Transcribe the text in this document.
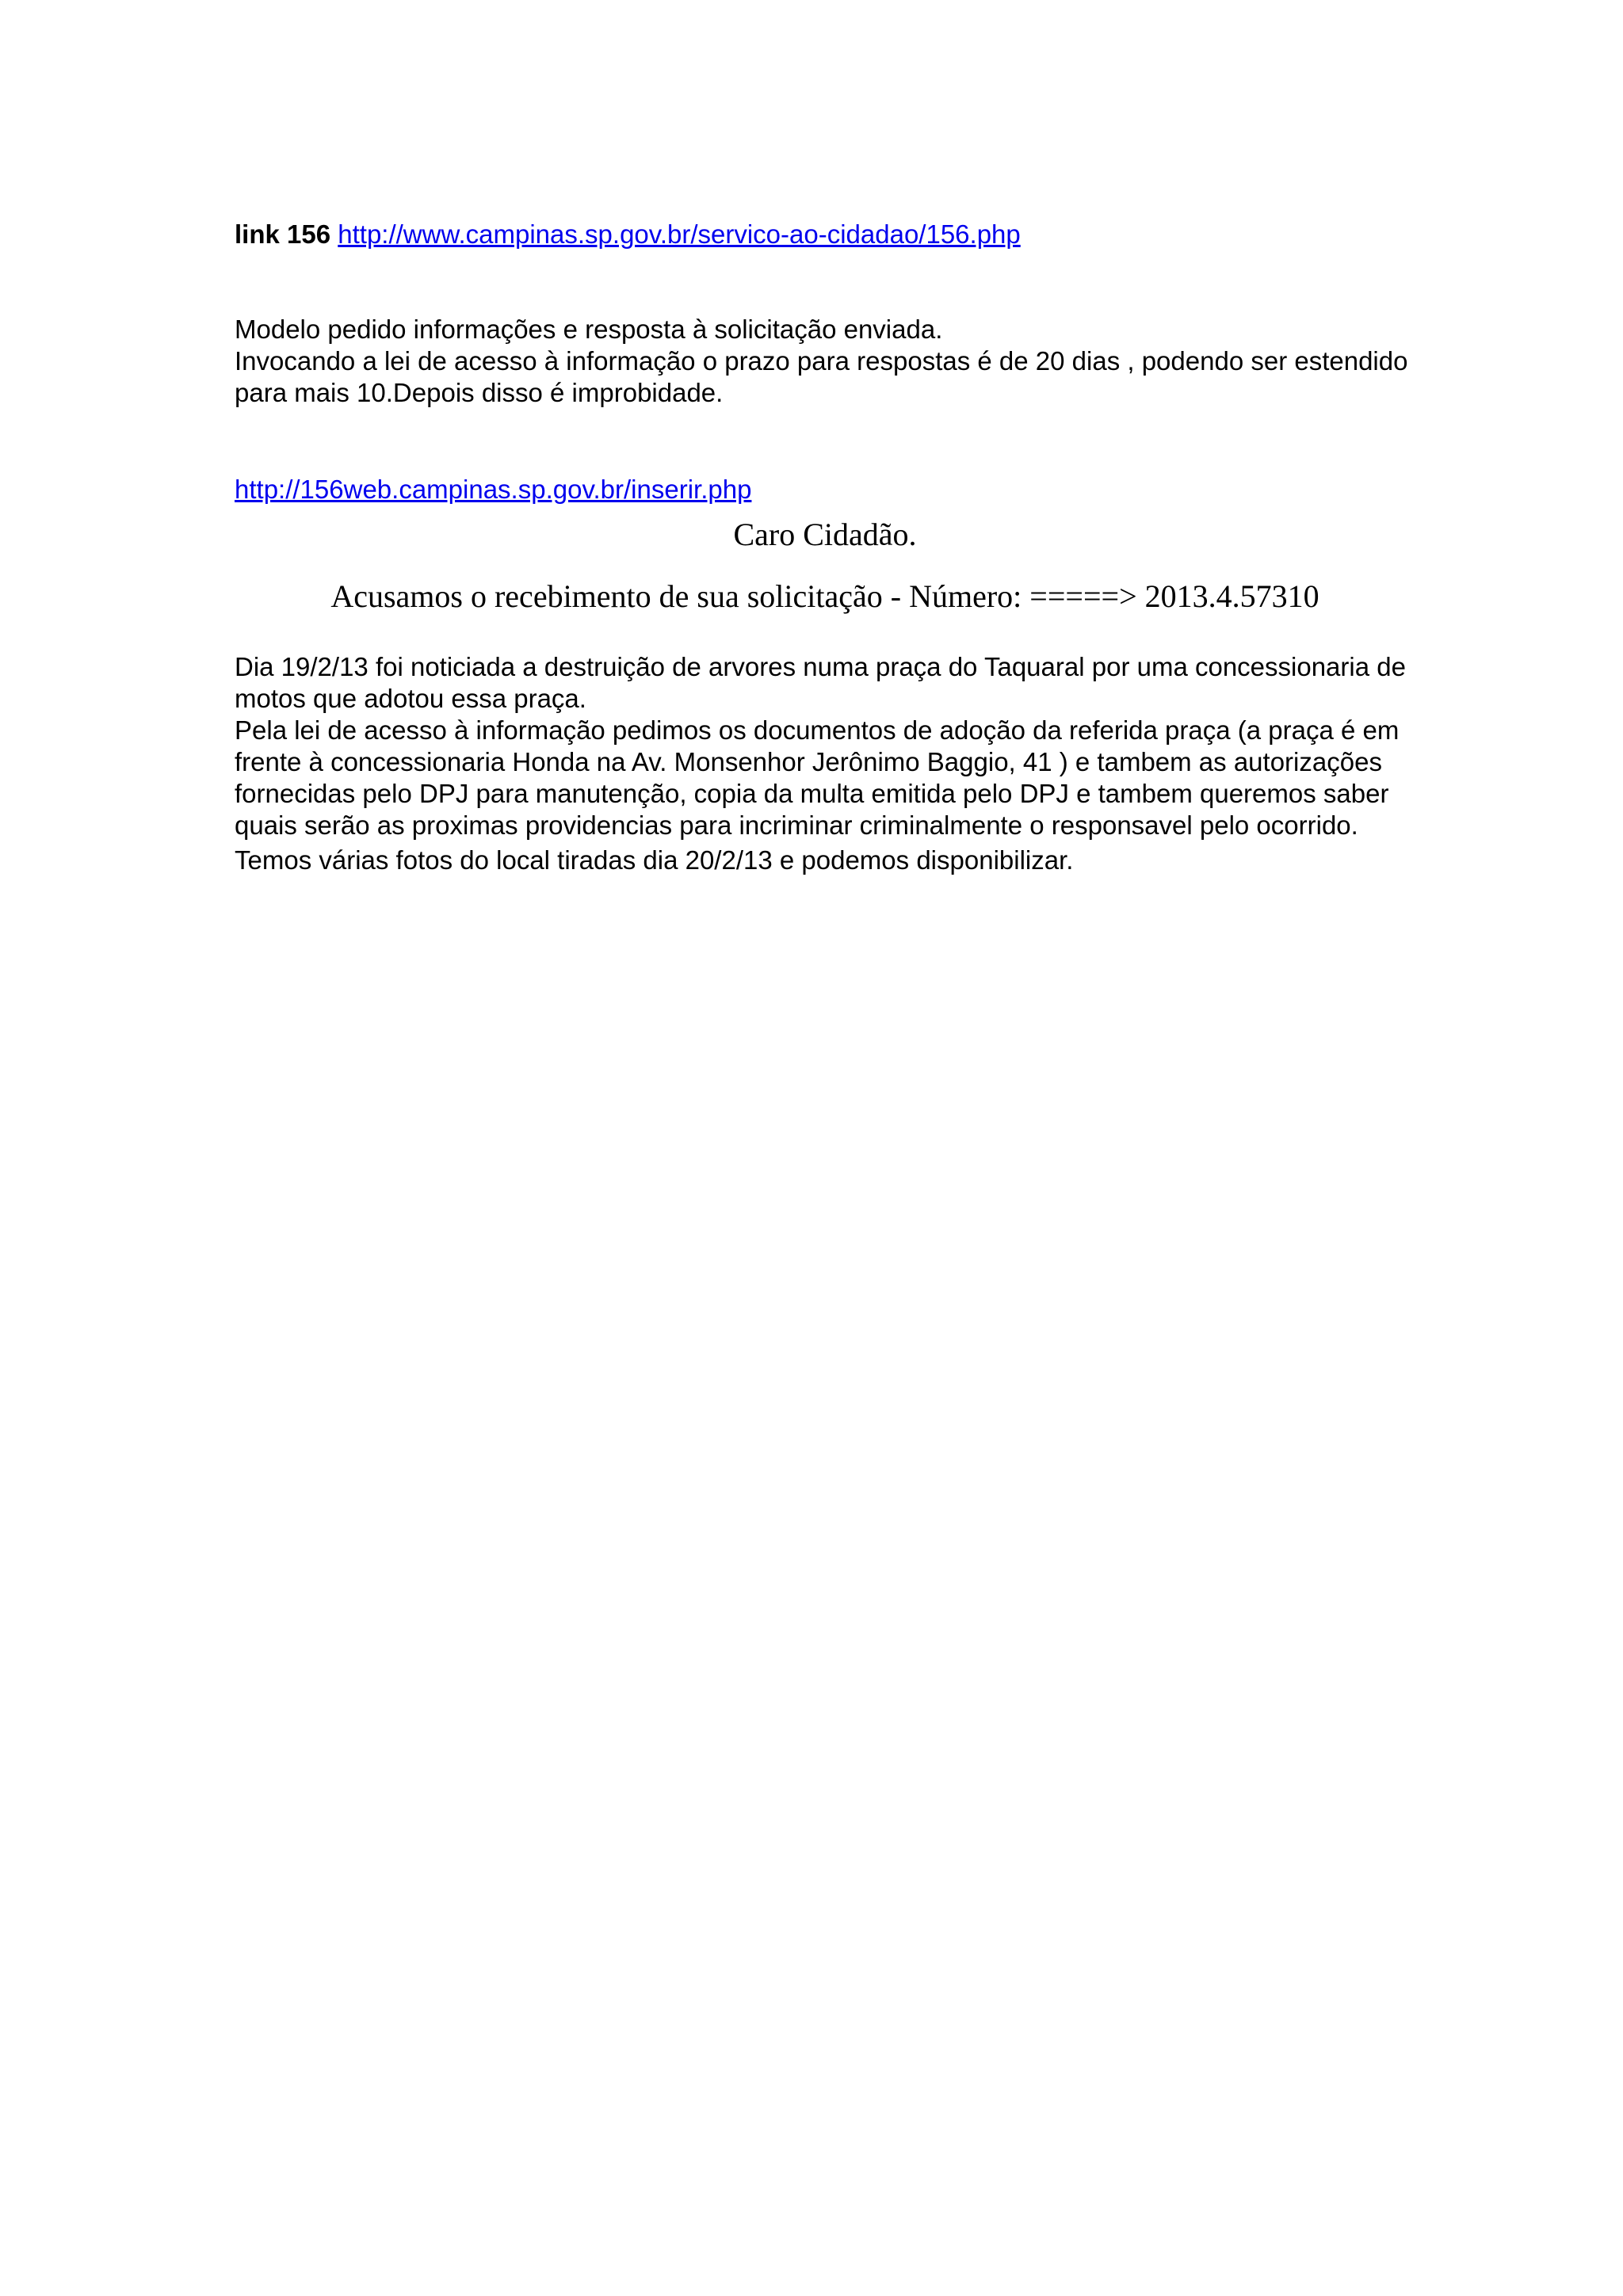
link 156 http://www.campinas.sp.gov.br/servico-ao-cidadao/156.php

Modelo pedido informações e resposta à solicitação enviada.

Invocando a lei de acesso à informação o prazo para respostas é de 20 dias , podendo ser estendido para mais 10.Depois disso é improbidade.

http://156web.campinas.sp.gov.br/inserir.php
Caro Cidadão.
Acusamos o recebimento de sua solicitação - Número: =====> 2013.4.57310

Dia 19/2/13 foi noticiada a destruição de arvores numa praça do Taquaral por uma concessionaria de motos que adotou essa praça.

Pela lei de acesso à informação pedimos os documentos de adoção da referida praça (a praça é em frente à concessionaria Honda na Av. Monsenhor Jerônimo Baggio, 41 ) e tambem as autorizações fornecidas pelo DPJ para manutenção, copia da multa emitida pelo DPJ e tambem queremos saber quais serão as proximas providencias para incriminar criminalmente o responsavel pelo ocorrido.

Temos várias fotos do local tiradas dia 20/2/13 e podemos disponibilizar.
